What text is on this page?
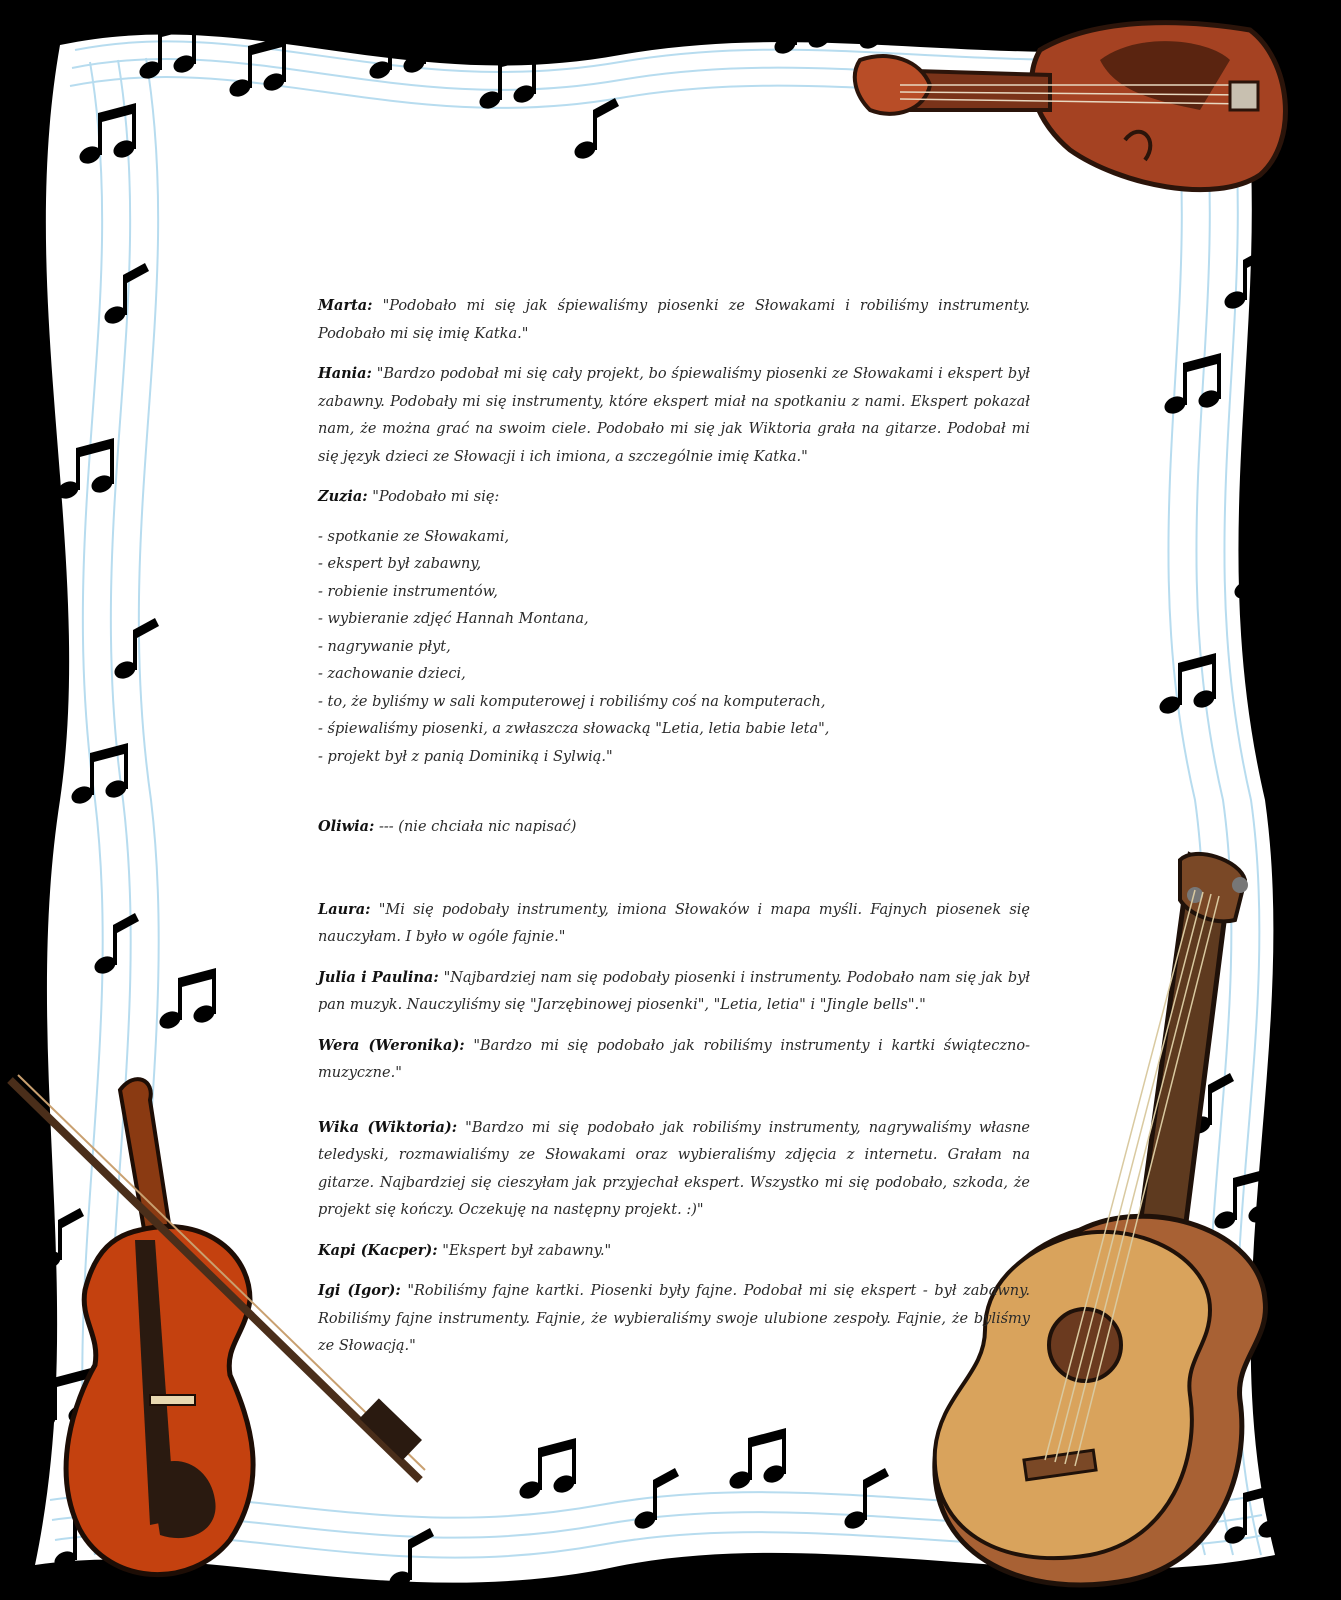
Marta: "Podobało mi się jak śpiewaliśmy piosenki ze Słowakami i robiliśmy instrumenty. Podobało mi się imię Katka."

Hania: "Bardzo podobał mi się cały projekt, bo śpiewaliśmy piosenki ze Słowakami i ekspert był zabawny. Podobały mi się instrumenty, które ekspert miał na spotkaniu z nami. Ekspert pokazał nam, że można grać na swoim ciele. Podobało mi się jak Wiktoria grała na gitarze. Podobał mi się język dzieci ze Słowacji i ich imiona, a szczególnie imię Katka."

Zuzia: "Podobało mi się:

- spotkanie ze Słowakami,
- ekspert był zabawny,
- robienie instrumentów,
- wybieranie zdjęć Hannah Montana,
- nagrywanie płyt,
- zachowanie dzieci,
- to, że byliśmy w sali komputerowej i robiliśmy coś na komputerach,
- śpiewaliśmy piosenki, a zwłaszcza słowacką "Letia, letia babie leta",
- projekt był z panią Dominiką i Sylwią."

Oliwia: --- (nie chciała nic napisać)

Laura: "Mi się podobały instrumenty, imiona Słowaków i mapa myśli. Fajnych piosenek się nauczyłam. I było w ogóle fajnie."

Julia i Paulina: "Najbardziej nam się podobały piosenki i instrumenty. Podobało nam się jak był pan muzyk. Nauczyliśmy się "Jarzębinowej piosenki", "Letia, letia" i "Jingle bells"."

Wera (Weronika): "Bardzo mi się podobało jak robiliśmy instrumenty i kartki świąteczno-muzyczne."

Wika (Wiktoria): "Bardzo mi się podobało jak robiliśmy instrumenty, nagrywaliśmy własne teledyski, rozmawialiśmy ze Słowakami oraz wybieraliśmy zdjęcia z internetu. Grałam na gitarze. Najbardziej się cieszyłam jak przyjechał ekspert. Wszystko mi się podobało, szkoda, że projekt się kończy. Oczekuję na następny projekt. :)"

Kapi (Kacper): "Ekspert był zabawny."

Igi (Igor): "Robiliśmy fajne kartki. Piosenki były fajne. Podobał mi się ekspert - był zabawny. Robiliśmy fajne instrumenty. Fajnie, że wybieraliśmy swoje ulubione zespoły. Fajnie, że byliśmy ze Słowacją."
